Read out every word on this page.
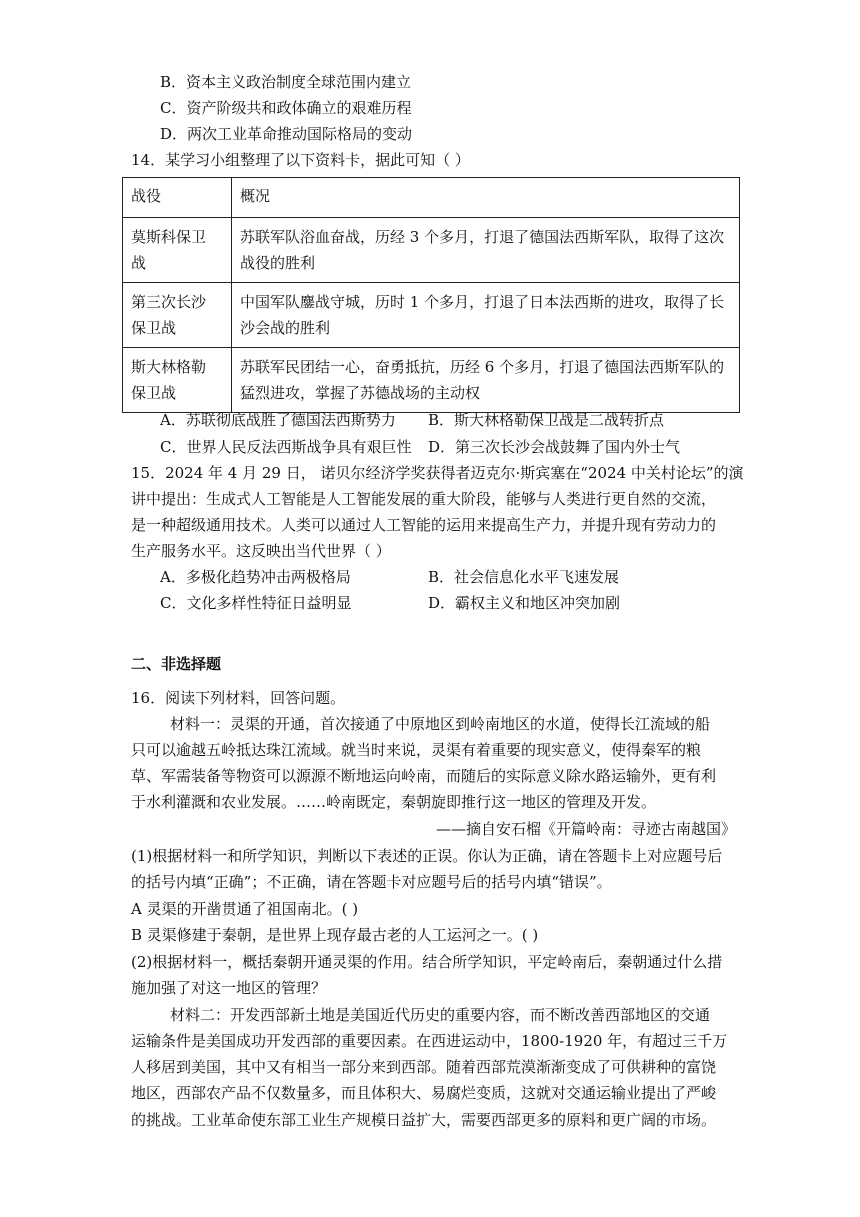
B．资本主义政治制度全球范围内建立
C．资产阶级共和政体确立的艰难历程
D．两次工业革命推动国际格局的变动
14．某学习小组整理了以下资料卡，据此可知（ ）
战役	概况
莫斯科保卫
战	苏联军队浴血奋战，历经 3 个多月，打退了德国法西斯军队，取得了这次
战役的胜利
第三次长沙
保卫战	中国军队鏖战守城，历时 1 个多月，打退了日本法西斯的进攻，取得了长
沙会战的胜利
斯大林格勒
保卫战	苏联军民团结一心，奋勇抵抗，历经 6 个多月，打退了德国法西斯军队的
猛烈进攻，掌握了苏德战场的主动权
A．苏联彻底战胜了德国法西斯势力 B．斯大林格勒保卫战是二战转折点
C．世界人民反法西斯战争具有艰巨性 D．第三次长沙会战鼓舞了国内外士气
15．2024 年 4 月 29 日， 诺贝尔经济学奖获得者迈克尔·斯宾塞在“2024 中关村论坛”的演
讲中提出：生成式人工智能是人工智能发展的重大阶段，能够与人类进行更自然的交流，
是一种超级通用技术。人类可以通过人工智能的运用来提高生产力，并提升现有劳动力的
生产服务水平。这反映出当代世界（ ）
A．多极化趋势冲击两极格局	B．社会信息化水平飞速发展
C．文化多样性特征日益明显	D．霸权主义和地区冲突加剧
二、非选择题
16．阅读下列材料，回答问题。
材料一：灵渠的开通，首次接通了中原地区到岭南地区的水道，使得长江流域的船
只可以逾越五岭抵达珠江流域。就当时来说，灵渠有着重要的现实意义，使得秦军的粮
草、军需装备等物资可以源源不断地运向岭南，而随后的实际意义除水路运输外，更有利
于水利灌溉和农业发展。……岭南既定，秦朝旋即推行这一地区的管理及开发。
——摘自安石榴《开篇岭南：寻迹古南越国》
(1)根据材料一和所学知识，判断以下表述的正误。你认为正确，请在答题卡上对应题号后
的括号内填“正确”；不正确，请在答题卡对应题号后的括号内填“错误”。
A 灵渠的开凿贯通了祖国南北。( )
B 灵渠修建于秦朝，是世界上现存最古老的人工运河之一。( )
(2)根据材料一，概括秦朝开通灵渠的作用。结合所学知识，平定岭南后，秦朝通过什么措
施加强了对这一地区的管理？
材料二：开发西部新土地是美国近代历史的重要内容，而不断改善西部地区的交通
运输条件是美国成功开发西部的重要因素。在西进运动中，1800-1920 年，有超过三千万
人移居到美国，其中又有相当一部分来到西部。随着西部荒漠渐渐变成了可供耕种的富饶
地区，西部农产品不仅数量多，而且体积大、易腐烂变质，这就对交通运输业提出了严峻
的挑战。工业革命使东部工业生产规模日益扩大，需要西部更多的原料和更广阔的市场。
